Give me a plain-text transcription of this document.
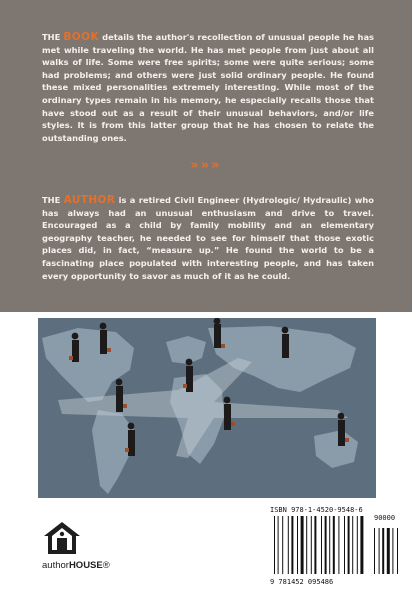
THE BOOK details the author's recollection of unusual people he has met while traveling the world. He has met people from just about all walks of life. Some were free spirits; some were quite serious; some had problems; and others were just solid ordinary people. He found these mixed personalities extremely interesting. While most of the ordinary types remain in his memory, he especially recalls those that have stood out as a result of their unusual behaviors, and/or life styles. It is from this latter group that he has chosen to relate the outstanding ones.
»»»
THE AUTHOR is a retired Civil Engineer (Hydrologic/ Hydraulic) who has always had an unusual enthusiasm and drive to travel. Encouraged as a child by family mobility and an elementary geography teacher, he needed to see for himself that those exotic places did, in fact, “measure up.” He found the world to be a fascinating place populated with interesting people, and has taken every opportunity to savor as much of it as he could.
authorHOUSE®
ISBN 978-1-4520-9548-6
9 781452 095486
90000
